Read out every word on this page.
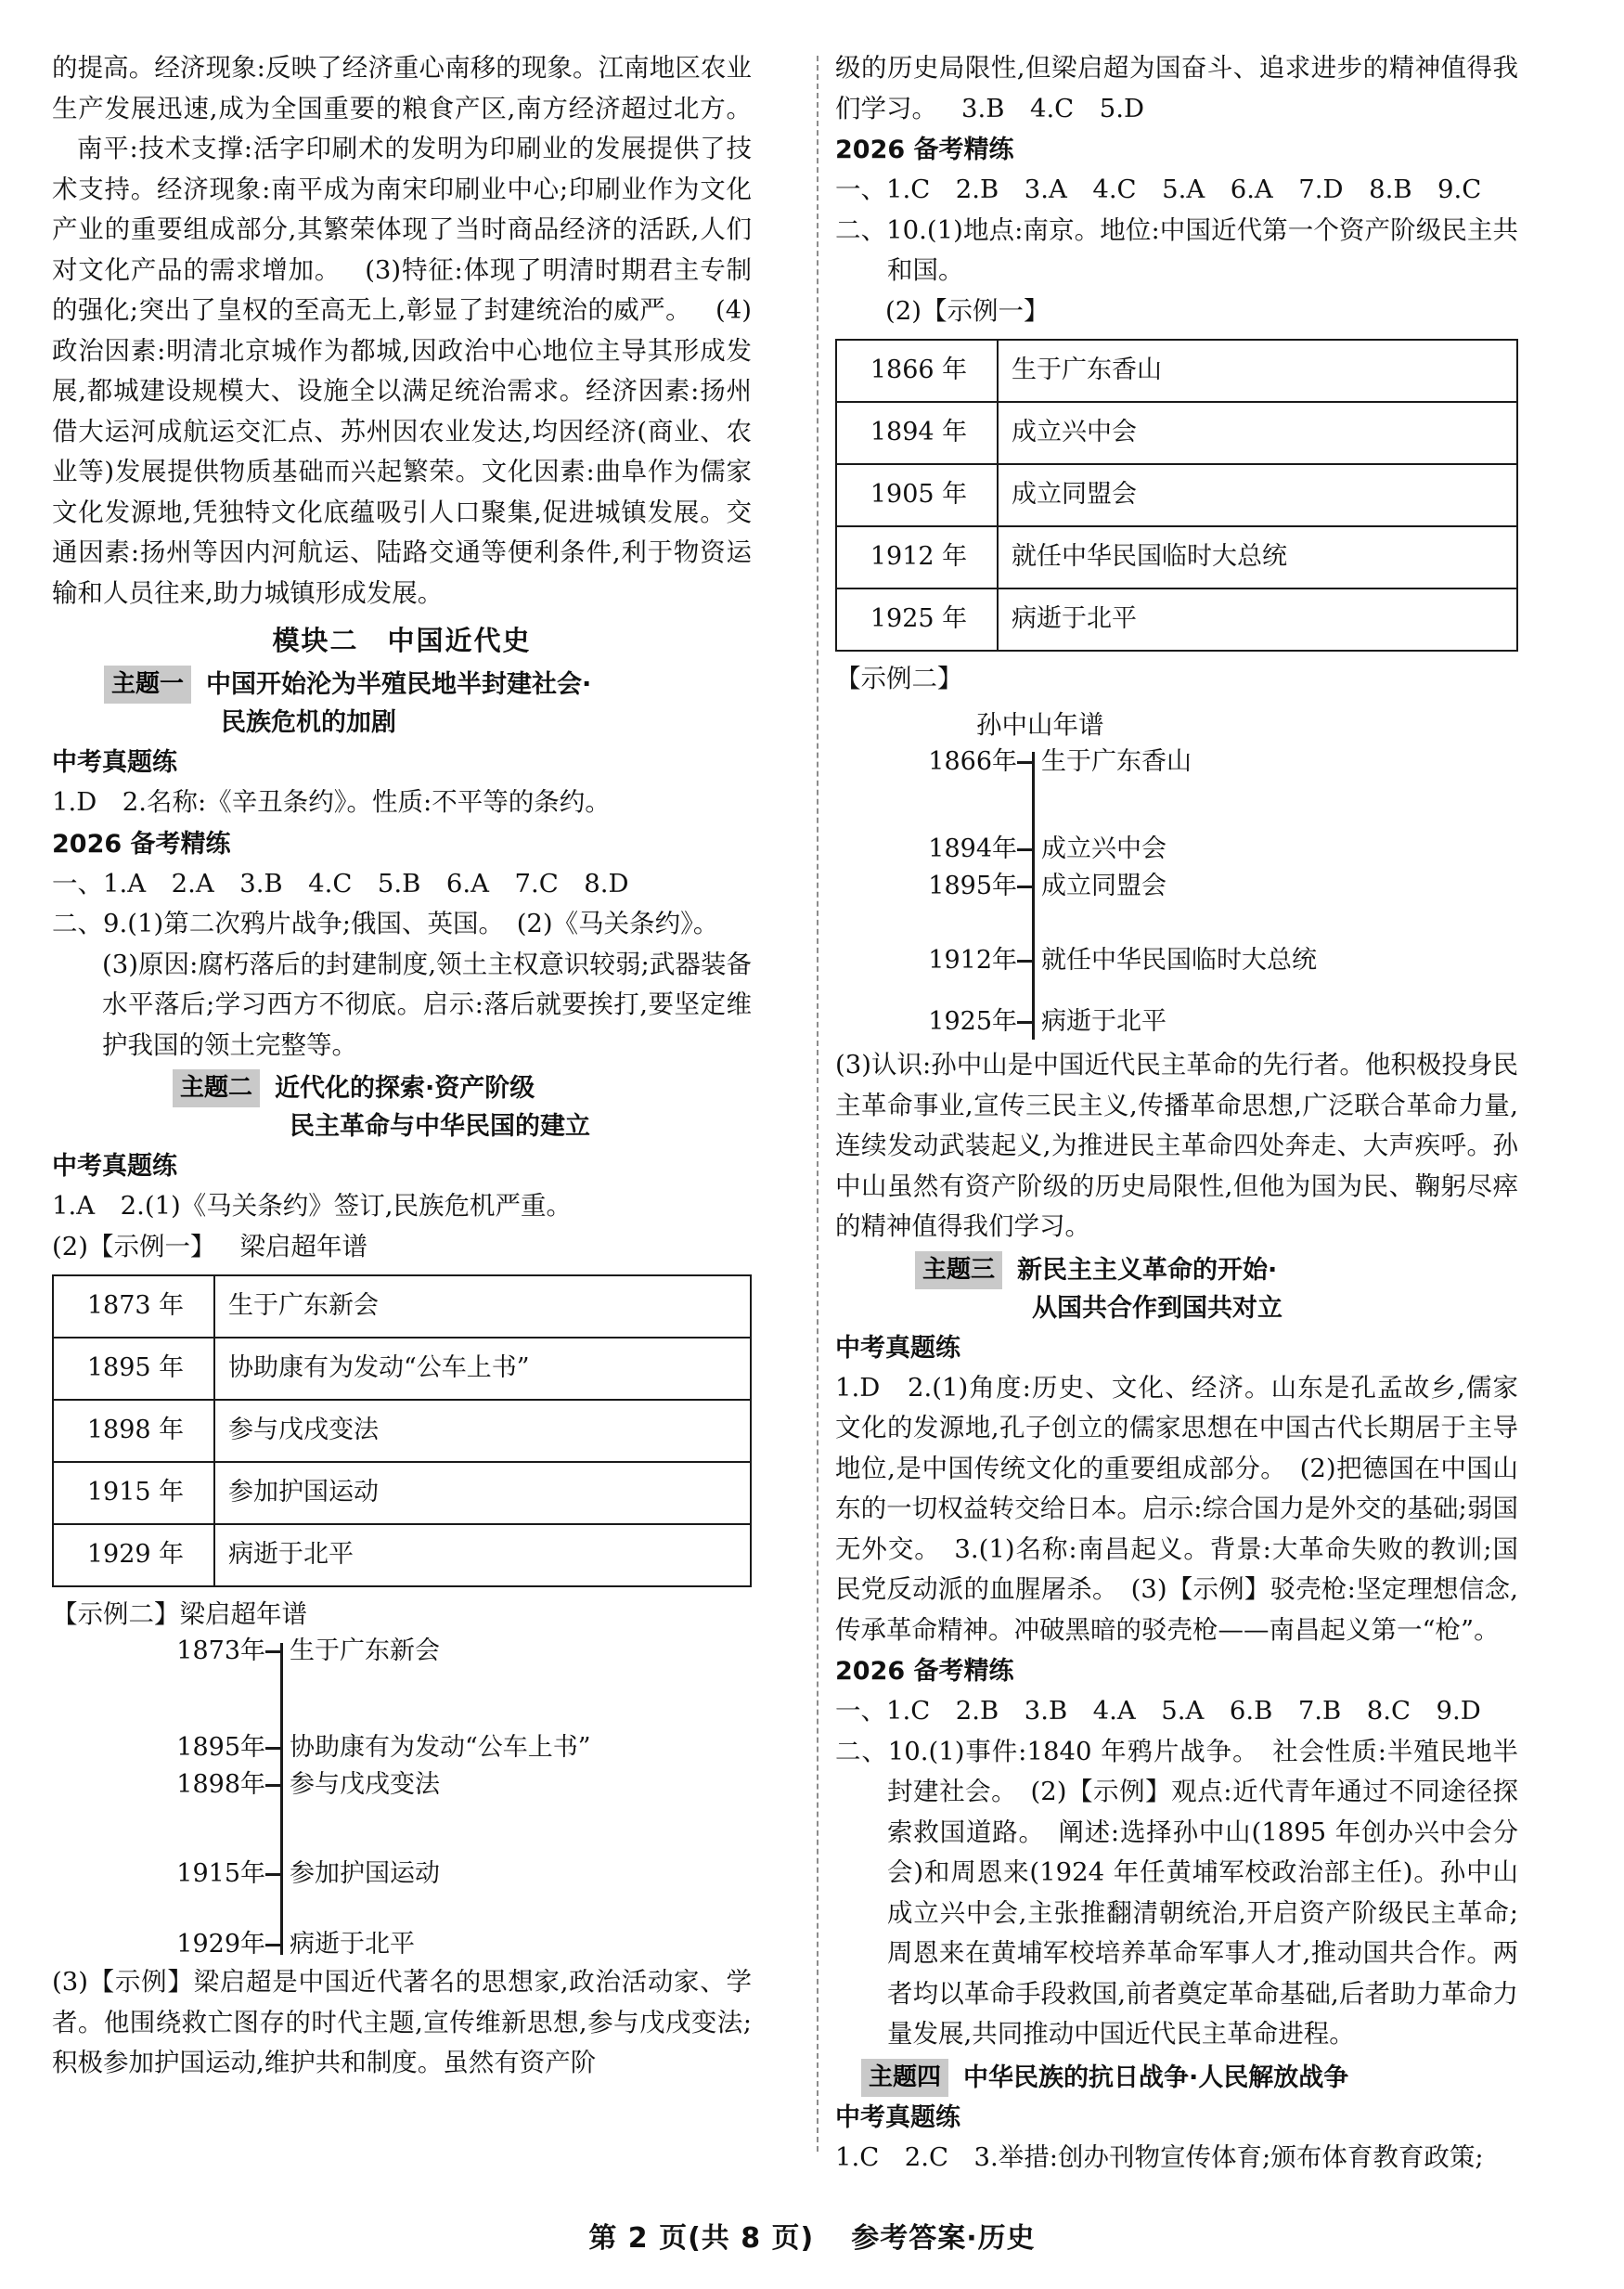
的提高。经济现象:反映了经济重心南移的现象。江南地区农业生产发展迅速,成为全国重要的粮食产区,南方经济超过北方。南平:技术支撑:活字印刷术的发明为印刷业的发展提供了技术支持。经济现象:南平成为南宋印刷业中心;印刷业作为文化产业的重要组成部分,其繁荣体现了当时商品经济的活跃,人们对文化产品的需求增加。 (3)特征:体现了明清时期君主专制的强化;突出了皇权的至高无上,彰显了封建统治的威严。 (4)政治因素:明清北京城作为都城,因政治中心地位主导其形成发展,都城建设规模大、设施全以满足统治需求。经济因素:扬州借大运河成航运交汇点、苏州因农业发达,均因经济(商业、农业等)发展提供物质基础而兴起繁荣。文化因素:曲阜作为儒家文化发源地,凭独特文化底蕴吸引人口聚集,促进城镇发展。交通因素:扬州等因内河航运、陆路交通等便利条件,利于物资运输和人员往来,助力城镇形成发展。

模块二　中国近代史
主题一 中国开始沦为半殖民地半封建社会·
民族危机的加剧
中考真题练

1.D　2.名称:《辛丑条约》。性质:不平等的条约。

2026 备考精练

一、1.A　2.A　3.B　4.C　5.B　6.A　7.C　8.D

二、9.(1)第二次鸦片战争;俄国、英国。　(2)《马关条约》。

(3)原因:腐朽落后的封建制度,领土主权意识较弱;武器装备水平落后;学习西方不彻底。启示:落后就要挨打,要坚定维护我国的领土完整等。

主题二 近代化的探索·资产阶级
民主革命与中华民国的建立
中考真题练

1.A　2.(1)《马关条约》签订,民族危机严重。

(2)【示例一】 梁启超年谱

1873 年	生于广东新会
1895 年	协助康有为发动“公车上书”
1898 年	参与戊戌变法
1915 年	参加护国运动
1929 年	病逝于北平

【示例二】梁启超年谱

1873年 生于广东新会
1895年 协助康有为发动“公车上书”
1898年 参与戊戌变法
1915年 参加护国运动
1929年 病逝于北平

(3)【示例】梁启超是中国近代著名的思想家,政治活动家、学者。他围绕救亡图存的时代主题,宣传维新思想,参与戊戌变法;积极参加护国运动,维护共和制度。虽然有资产阶

级的历史局限性,但梁启超为国奋斗、追求进步的精神值得我们学习。 3.B　4.C　5.D

2026 备考精练

一、1.C　2.B　3.A　4.C　5.A　6.A　7.D　8.B　9.C

二、10.(1)地点:南京。地位:中国近代第一个资产阶级民主共和国。

(2)【示例一】

1866 年	生于广东香山
1894 年	成立兴中会
1905 年	成立同盟会
1912 年	就任中华民国临时大总统
1925 年	病逝于北平

【示例二】

孙中山年谱

1866年 生于广东香山
1894年 成立兴中会
1895年 成立同盟会
1912年 就任中华民国临时大总统
1925年 病逝于北平

(3)认识:孙中山是中国近代民主革命的先行者。他积极投身民主革命事业,宣传三民主义,传播革命思想,广泛联合革命力量,连续发动武装起义,为推进民主革命四处奔走、大声疾呼。孙中山虽然有资产阶级的历史局限性,但他为国为民、鞠躬尽瘁的精神值得我们学习。

主题三 新民主主义革命的开始·
从国共合作到国共对立
中考真题练

1.D　2.(1)角度:历史、文化、经济。山东是孔孟故乡,儒家文化的发源地,孔子创立的儒家思想在中国古代长期居于主导地位,是中国传统文化的重要组成部分。　(2)把德国在中国山东的一切权益转交给日本。启示:综合国力是外交的基础;弱国无外交。　3.(1)名称:南昌起义。背景:大革命失败的教训;国民党反动派的血腥屠杀。　(3)【示例】驳壳枪:坚定理想信念,传承革命精神。冲破黑暗的驳壳枪——南昌起义第一“枪”。

2026 备考精练

一、1.C　2.B　3.B　4.A　5.A　6.B　7.B　8.C　9.D

二、10.(1)事件:1840 年鸦片战争。　社会性质:半殖民地半封建社会。　(2)【示例】观点:近代青年通过不同途径探索救国道路。　阐述:选择孙中山(1895 年创办兴中会分会)和周恩来(1924 年任黄埔军校政治部主任)。孙中山成立兴中会,主张推翻清朝统治,开启资产阶级民主革命;周恩来在黄埔军校培养革命军事人才,推动国共合作。两者均以革命手段救国,前者奠定革命基础,后者助力革命力量发展,共同推动中国近代民主革命进程。

主题四 中华民族的抗日战争·人民解放战争
中考真题练

1.C　2.C　3.举措:创办刊物宣传体育;颁布体育教育政策;

第 2 页(共 8 页) 参考答案·历史
